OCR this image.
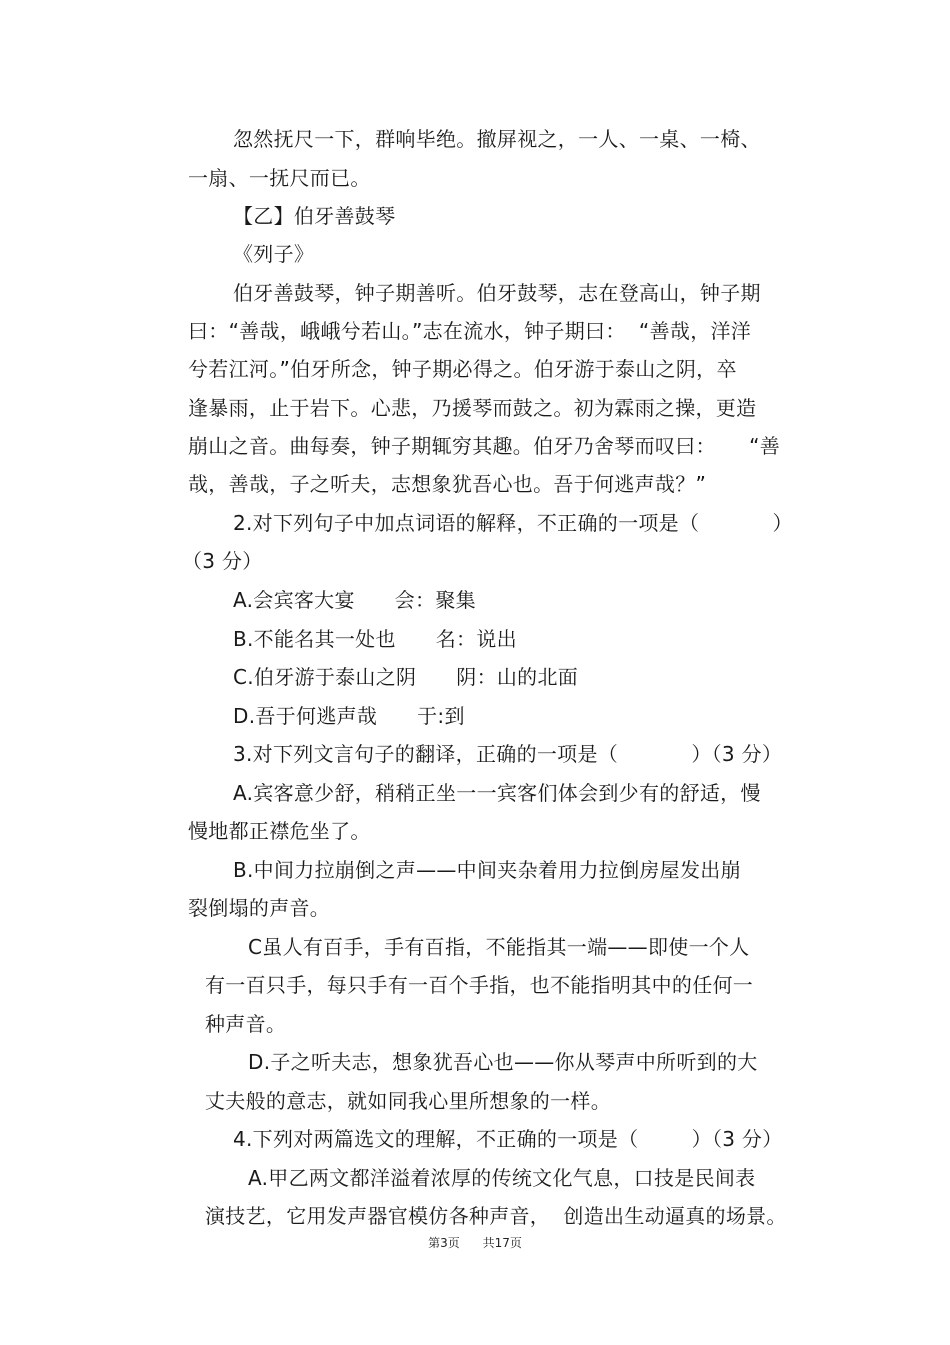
忽然抚尺一下，群响毕绝。撤屏视之，一人、一桌、一椅、
一扇、一抚尺而已。
【乙】伯牙善鼓琴
《列子》
伯牙善鼓琴，钟子期善听。伯牙鼓琴，志在登高山，钟子期
曰：“善哉，峨峨兮若山。”志在流水，钟子期曰：  “善哉，洋洋
兮若江河。”伯牙所念，钟子期必得之。伯牙游于泰山之阴，卒
逢暴雨，止于岩下。心悲，乃援琴而鼓之。初为霖雨之操，更造
崩山之音。曲每奏，钟子期辄穷其趣。伯牙乃舍琴而叹曰：     “善
哉，善哉，子之听夫，志想象犹吾心也。吾于何逃声哉？”
2.对下列句子中加点词语的解释，不正确的一项是（           ）
（3 分）
A.会宾客大宴      会：聚集
B.不能名其一处也      名：说出
C.伯牙游于泰山之阴      阴：山的北面
D.吾于何逃声哉      于:到
3.对下列文言句子的翻译，正确的一项是（           ）（3 分）
A.宾客意少舒，稍稍正坐一一宾客们体会到少有的舒适，慢
慢地都正襟危坐了。
B.中间力拉崩倒之声——中间夹杂着用力拉倒房屋发出崩
裂倒塌的声音。
C虽人有百手，手有百指，不能指其一端——即使一个人
有一百只手，每只手有一百个手指，也不能指明其中的任何一
种声音。
D.子之听夫志，想象犹吾心也——你从琴声中所听到的大
丈夫般的意志，就如同我心里所想象的一样。
4.下列对两篇选文的理解，不正确的一项是（        ）（3 分）
A.甲乙两文都洋溢着浓厚的传统文化气息，口技是民间表
演技艺，它用发声器官模仿各种声音，  创造出生动逼真的场景。
第3页 共17页
